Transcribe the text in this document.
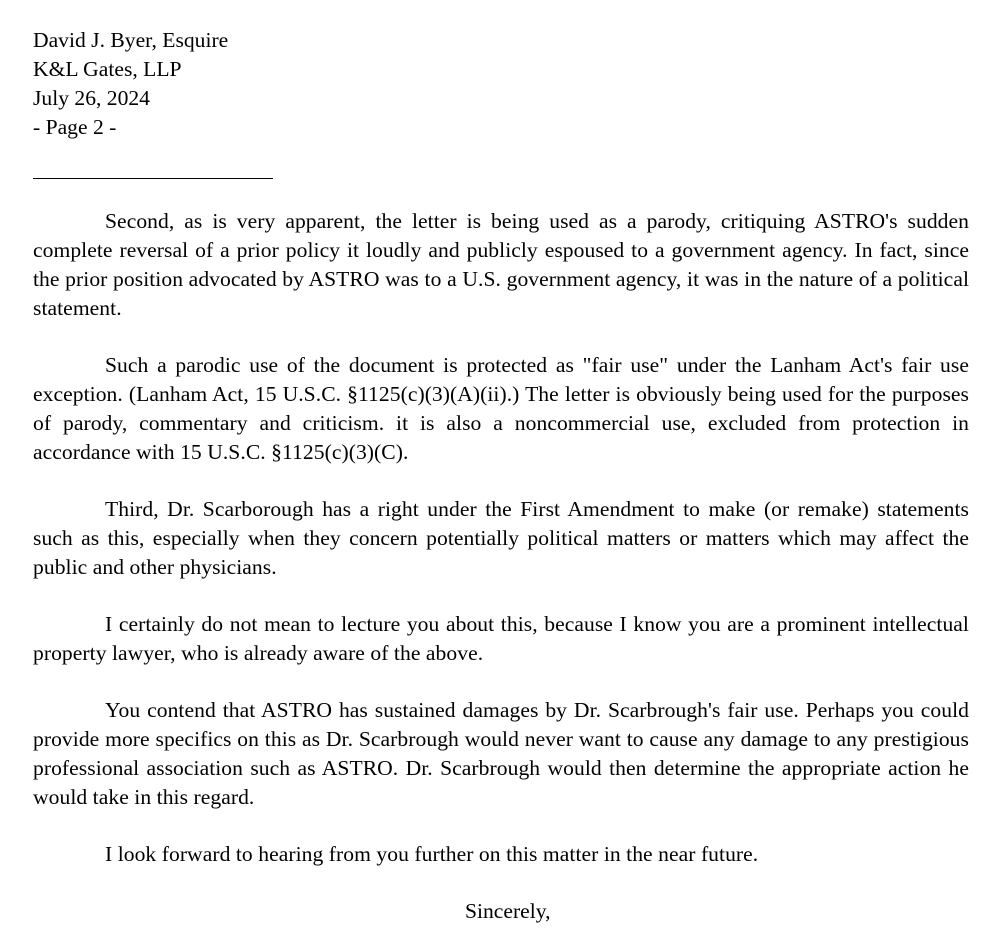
David J. Byer, Esquire

K&L Gates, LLP

July 26, 2024

- Page 2 -

Second, as is very apparent, the letter is being used as a parody, critiquing ASTRO's sudden complete reversal of a prior policy it loudly and publicly espoused to a government agency. In fact, since the prior position advocated by ASTRO was to a U.S. government agency, it was in the nature of a political statement.

Such a parodic use of the document is protected as "fair use" under the Lanham Act's fair use exception. (Lanham Act, 15 U.S.C. §1125(c)(3)(A)(ii).) The letter is obviously being used for the purposes of parody, commentary and criticism. it is also a noncommercial use, excluded from protection in accordance with 15 U.S.C. §1125(c)(3)(C).

Third, Dr. Scarborough has a right under the First Amendment to make (or remake) statements such as this, especially when they concern potentially political matters or matters which may affect the public and other physicians.

I certainly do not mean to lecture you about this, because I know you are a prominent intellectual property lawyer, who is already aware of the above.

You contend that ASTRO has sustained damages by Dr. Scarbrough's fair use. Perhaps you could provide more specifics on this as Dr. Scarbrough would never want to cause any damage to any prestigious professional association such as ASTRO. Dr. Scarbrough would then determine the appropriate action he would take in this regard.

I look forward to hearing from you further on this matter in the near future.

Sincerely,
